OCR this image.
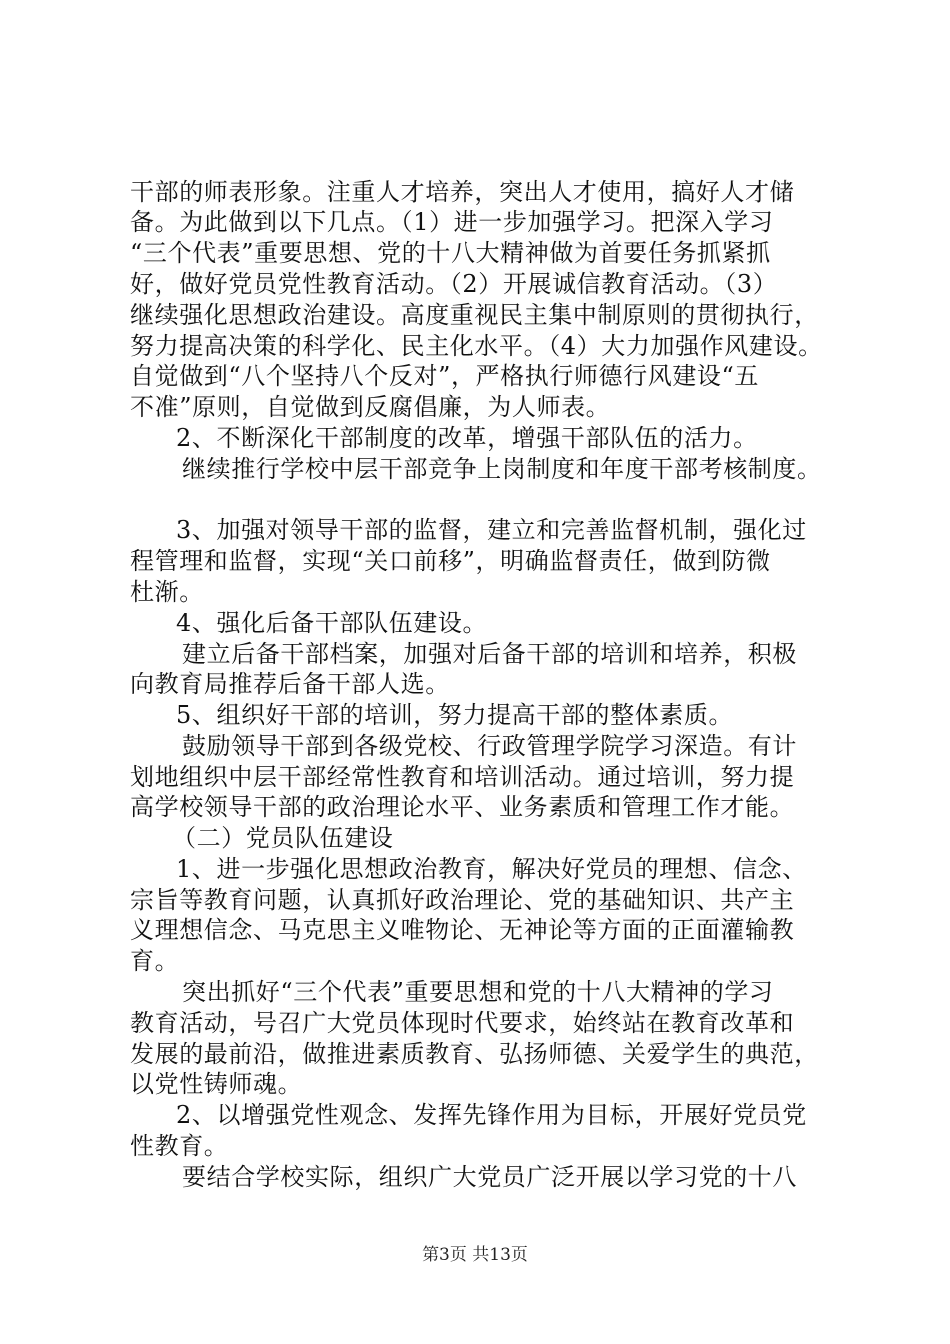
干部的师表形象。注重人才培养，突出人才使用，搞好人才储
备。为此做到以下几点。（1）进一步加强学习。把深入学习
“三个代表”重要思想、党的十八大精神做为首要任务抓紧抓
好，做好党员党性教育活动。（2）开展诚信教育活动。（3）
继续强化思想政治建设。高度重视民主集中制原则的贯彻执行，
努力提高决策的科学化、民主化水平。（4）大力加强作风建设。
自觉做到“八个坚持八个反对”，严格执行师德行风建设“五
不准”原则，自觉做到反腐倡廉，为人师表。
2、不断深化干部制度的改革，增强干部队伍的活力。
继续推行学校中层干部竞争上岗制度和年度干部考核制度。
3、加强对领导干部的监督，建立和完善监督机制，强化过
程管理和监督，实现“关口前移”，明确监督责任，做到防微
杜渐。
4、强化后备干部队伍建设。
建立后备干部档案，加强对后备干部的培训和培养，积极
向教育局推荐后备干部人选。
5、组织好干部的培训，努力提高干部的整体素质。
鼓励领导干部到各级党校、行政管理学院学习深造。有计
划地组织中层干部经常性教育和培训活动。通过培训，努力提
高学校领导干部的政治理论水平、业务素质和管理工作才能。
（二）党员队伍建设
1、进一步强化思想政治教育，解决好党员的理想、信念、
宗旨等教育问题，认真抓好政治理论、党的基础知识、共产主
义理想信念、马克思主义唯物论、无神论等方面的正面灌输教
育。
突出抓好“三个代表”重要思想和党的十八大精神的学习
教育活动，号召广大党员体现时代要求，始终站在教育改革和
发展的最前沿，做推进素质教育、弘扬师德、关爱学生的典范，
以党性铸师魂。
2、以增强党性观念、发挥先锋作用为目标，开展好党员党
性教育。
要结合学校实际，组织广大党员广泛开展以学习党的十八
第3页 共13页
